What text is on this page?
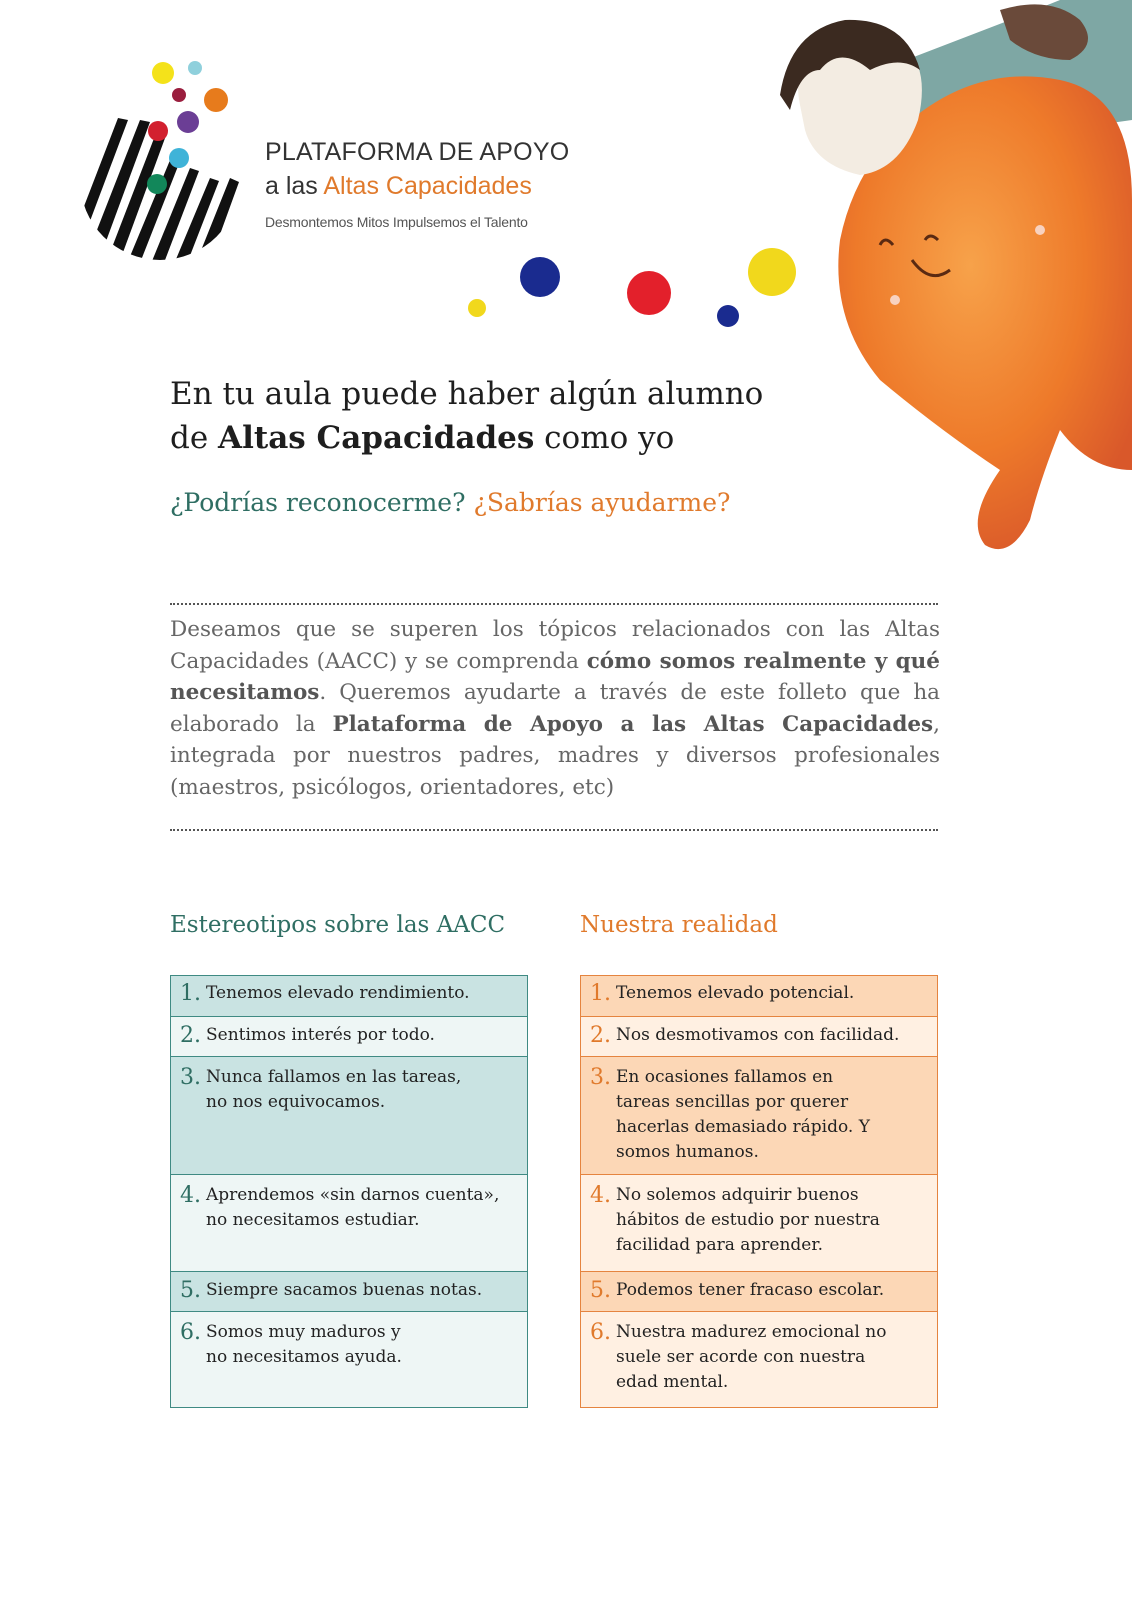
PLATAFORMA DE APOYO
a las Altas Capacidades
Desmontemos Mitos Impulsemos el Talento
En tu aula puede haber algún alumno
de Altas Capacidades como yo
¿Podrías reconocerme? ¿Sabrías ayudarme?
Deseamos que se superen los tópicos relacionados con las Altas Capacidades (AACC) y se comprenda cómo somos realmente y qué necesitamos. Queremos ayudarte a través de este folleto que ha elaborado la Plataforma de Apoyo a las Altas Capacidades, integrada por nuestros padres, madres y diversos profesionales (maestros, psicólogos, orientadores, etc)
Estereotipos sobre las AACC	Nuestra realidad
1. Tenemos elevado rendimiento.
2. Sentimos interés por todo.
3. Nunca fallamos en las tareas, no nos equivocamos.
4. Aprendemos «sin darnos cuenta», no necesitamos estudiar.
5. Siempre sacamos buenas notas.
6. Somos muy maduros y no necesitamos ayuda.
1. Tenemos elevado potencial.
2. Nos desmotivamos con facilidad.
3. En ocasiones fallamos en tareas sencillas por querer hacerlas demasiado rápido. Y somos humanos.
4. No solemos adquirir buenos hábitos de estudio por nuestra facilidad para aprender.
5. Podemos tener fracaso escolar.
6. Nuestra madurez emocional no suele ser acorde con nuestra edad mental.
